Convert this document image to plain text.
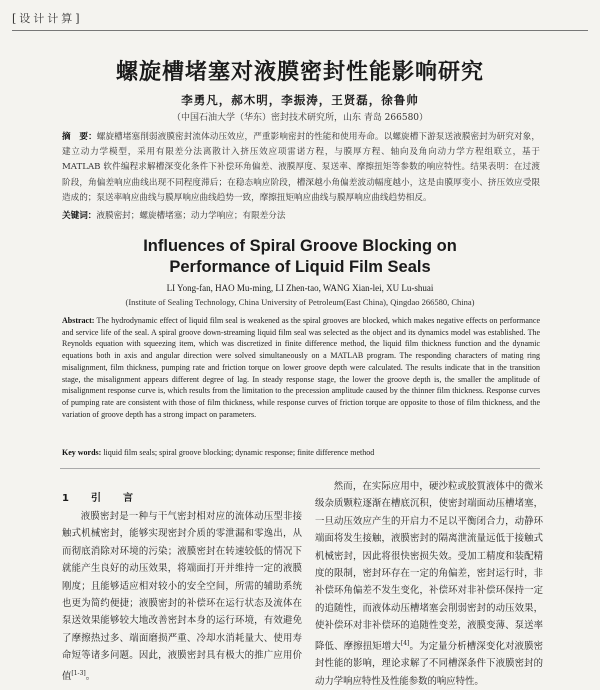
[设计计算]
螺旋槽堵塞对液膜密封性能影响研究
李勇凡，郝木明，李振涛，王贤磊，徐鲁帅
（中国石油大学（华东）密封技术研究所，山东 青岛 266580）
摘　要：螺旋槽堵塞削弱液膜密封流体动压效应，严重影响密封的性能和使用寿命。以螺旋槽下游泵送液膜密封为研究对象，建立动力学模型，采用有限差分法离散计入挤压效应项雷诺方程，与膜厚方程、轴向及角向动力学方程组联立，基于 MATLAB 软件编程求解槽深变化条件下补偿环角偏差、液膜厚度、泵送率、摩擦扭矩等参数的响应特性。结果表明：在过渡阶段，角偏差响应曲线出现不同程度滞后；在稳态响应阶段，槽深越小角偏差波动幅度越小，这是由膜厚变小、挤压效应受限造成的；泵送率响应曲线与膜厚响应曲线趋势一致，摩擦扭矩响应曲线与膜厚响应曲线趋势相反。
关键词：液膜密封；螺旋槽堵塞；动力学响应；有限差分法
Influences of Spiral Groove Blocking on
Performance of Liquid Film Seals
LI Yong-fan, HAO Mu-ming, LI Zhen-tao, WANG Xian-lei, XU Lu-shuai
(Institute of Sealing Technology, China University of Petroleum(East China), Qingdao 266580, China)
Abstract: The hydrodynamic effect of liquid film seal is weakened as the spiral grooves are blocked, which makes negative effects on performance and service life of the seal. A spiral groove down-streaming liquid film seal was selected as the object and its dynamics model was established. The Reynolds equation with squeezing item, which was discretized in finite difference method, the liquid film thickness function and the dynamic equations both in axis and angular direction were solved simultaneously on a MATLAB program. The responding characters of mating ring misalignment, film thickness, pumping rate and friction torque on lower groove depth were calculated. The results indicate that in the transition stage, the misalignment appears different degree of lag. In steady response stage, the lower the groove depth is, the smaller the amplitude of misalignment response curve is, which results from the limitation to the precession amplitude caused by the thinner film thickness. Response curves of pumping rate are consistent with those of film thickness, while response curves of friction torque are opposite to those of film thickness, and the variation of groove depth has a strong impact on parameters.
Key words: liquid film seals; spiral groove blocking; dynamic response; finite difference method
1　引　言
液膜密封是一种与干气密封相对应的流体动压型非接触式机械密封，能够实现密封介质的零泄漏和零逸出，从而彻底消除对环境的污染；液膜密封在转速较低的情况下就能产生良好的动压效果，将端面打开并维持一定的液膜刚度；且能够适应相对较小的安全空间，所需的辅助系统也更为简约便捷；液膜密封的补偿环在运行状态及流体在泵送效果能够较大地改善密封本身的运行环境，有效避免了摩擦热过多、端面磨损严重、冷却水消耗量大、使用寿命短等诸多问题。因此，液膜密封具有极大的推广应用价值[1-3]。
然而，在实际应用中，硬沙粒或胶質液体中的微米级杂质颗粒逐渐在槽底沉积，使密封端面动压槽堵塞，一旦动压效应产生的开启力不足以平衡闭合力，动静环端面将发生接触，液膜密封的隔离泄流量远低于接触式机械密封，因此将很快密损失效。受加工精度和装配精度的限制，密封环存在一定的角偏差，密封运行时，非补偿环角偏差不发生变化，补偿环对非补偿环保持一定的追随性，而液体动压槽堵塞会削弱密封的动压效果，使补偿环对非补偿环的追随性变差，液膜变薄、泵送率降低、摩擦扭矩增大[4]。为定量分析槽深变化对液膜密封性能的影响，理论求解了不同槽深条件下液膜密封的动力学响应特性及性能参数的响应特性。
